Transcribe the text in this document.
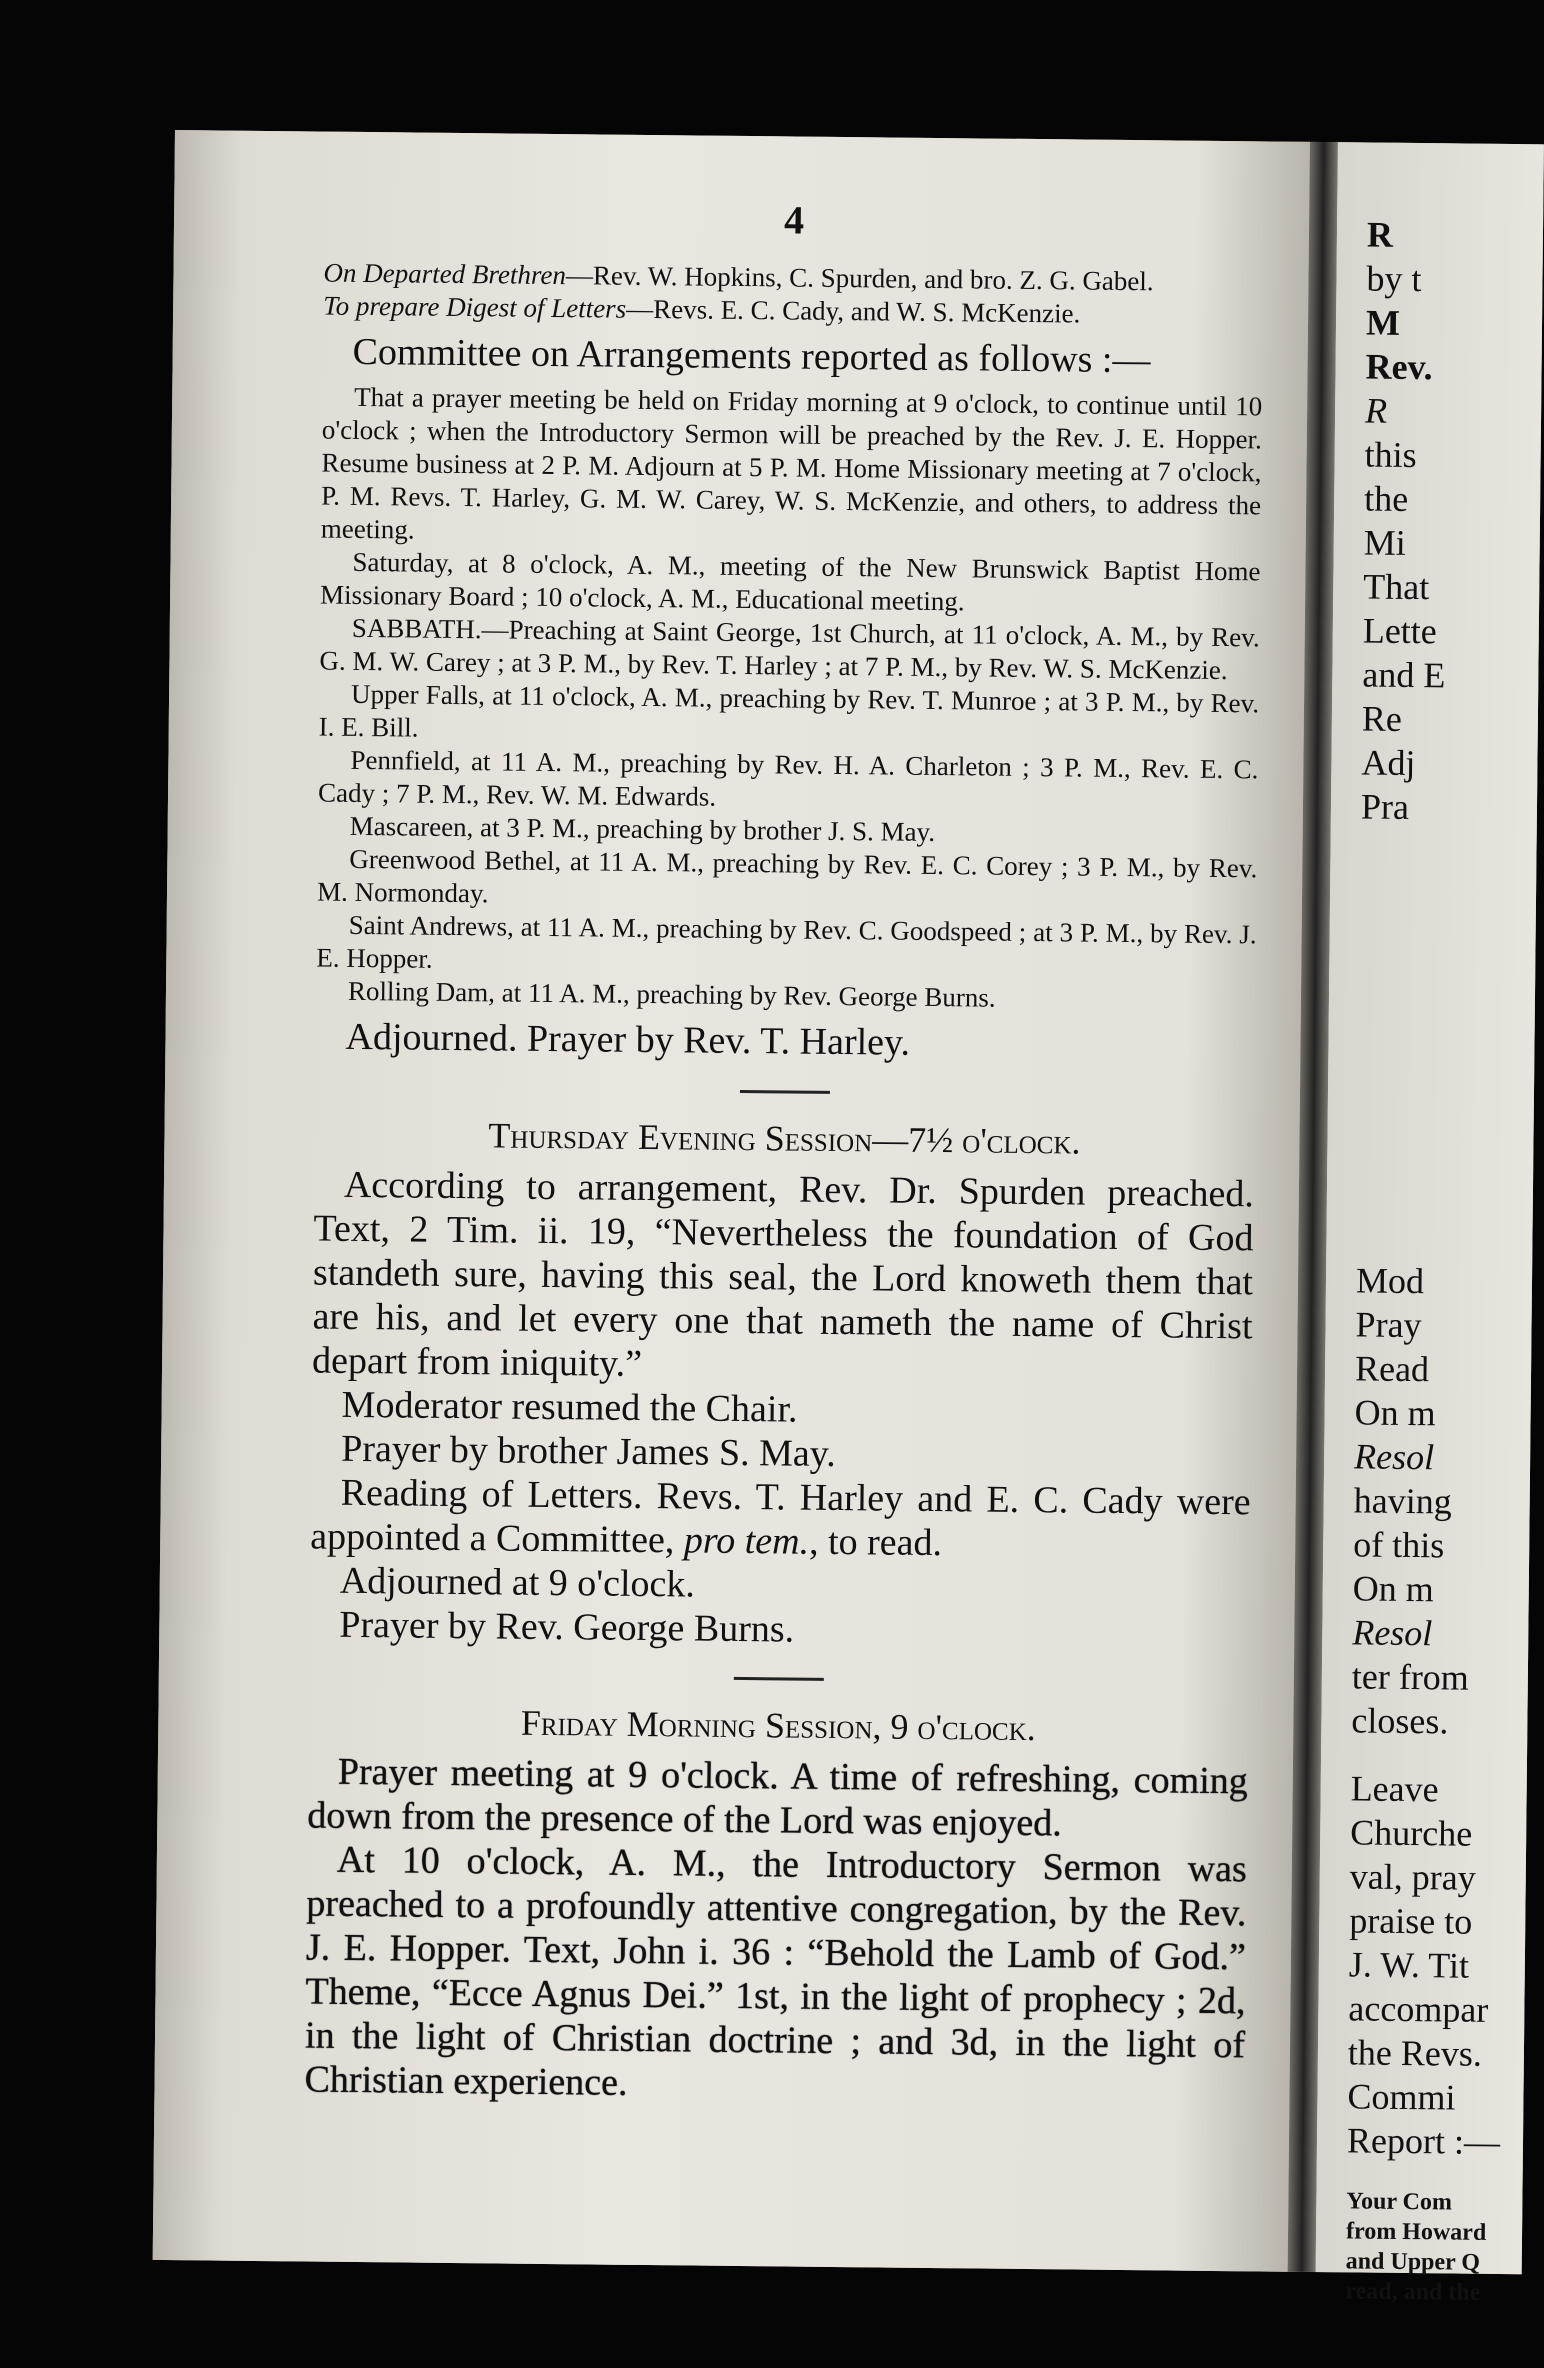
4

On Departed Brethren—Rev. W. Hopkins, C. Spurden, and bro. Z. G. Gabel.

To prepare Digest of Letters—Revs. E. C. Cady, and W. S. McKenzie.

Committee on Arrangements reported as follows :—

That a prayer meeting be held on Friday morning at 9 o'clock, to continue until 10 o'clock ; when the Introductory Sermon will be preached by the Rev. J. E. Hopper. Resume business at 2 P. M. Adjourn at 5 P. M. Home Missionary meeting at 7 o'clock, P. M. Revs. T. Harley, G. M. W. Carey, W. S. McKenzie, and others, to address the meeting.

Saturday, at 8 o'clock, A. M., meeting of the New Brunswick Baptist Home Missionary Board ; 10 o'clock, A. M., Educational meeting.

SABBATH.—Preaching at Saint George, 1st Church, at 11 o'clock, A. M., by Rev. G. M. W. Carey ; at 3 P. M., by Rev. T. Harley ; at 7 P. M., by Rev. W. S. McKenzie.

Upper Falls, at 11 o'clock, A. M., preaching by Rev. T. Munroe ; at 3 P. M., by Rev. I. E. Bill.

Pennfield, at 11 A. M., preaching by Rev. H. A. Charleton ; 3 P. M., Rev. E. C. Cady ; 7 P. M., Rev. W. M. Edwards.

Mascareen, at 3 P. M., preaching by brother J. S. May.

Greenwood Bethel, at 11 A. M., preaching by Rev. E. C. Corey ; 3 P. M., by Rev. M. Normonday.

Saint Andrews, at 11 A. M., preaching by Rev. C. Goodspeed ; at 3 P. M., by Rev. J. E. Hopper.

Rolling Dam, at 11 A. M., preaching by Rev. George Burns.

Adjourned. Prayer by Rev. T. Harley.

Thursday Evening Session—7½ o'clock.

According to arrangement, Rev. Dr. Spurden preached. Text, 2 Tim. ii. 19, “Nevertheless the foundation of God standeth sure, having this seal, the Lord knoweth them that are his, and let every one that nameth the name of Christ depart from iniquity.”

Moderator resumed the Chair.

Prayer by brother James S. May.

Reading of Letters. Revs. T. Harley and E. C. Cady were appointed a Committee, pro tem., to read.

Adjourned at 9 o'clock.

Prayer by Rev. George Burns.

Friday Morning Session, 9 o'clock.

Prayer meeting at 9 o'clock. A time of refreshing, coming down from the presence of the Lord was enjoyed.

At 10 o'clock, A. M., the Introductory Sermon was preached to a profoundly attentive congregation, by the Rev. J. E. Hopper. Text, John i. 36 : “Behold the Lamb of God.” Theme, “Ecce Agnus Dei.” 1st, in the light of prophecy ; 2d, in the light of Christian doctrine ; and 3d, in the light of Christian experience.

R

by t

M

Rev.

R

this

the

Mi

That

Lette

and E

Re

Adj

Pra

Mod

Pray

Read

On m

Resol

having

of this

On m

Resol

ter from

closes.

Leave

Churche

val, pray

praise to

J. W. Tit

accompar

the Revs.

Commi

Report :—

Your Com

from Howard

and Upper Q

read, and the
